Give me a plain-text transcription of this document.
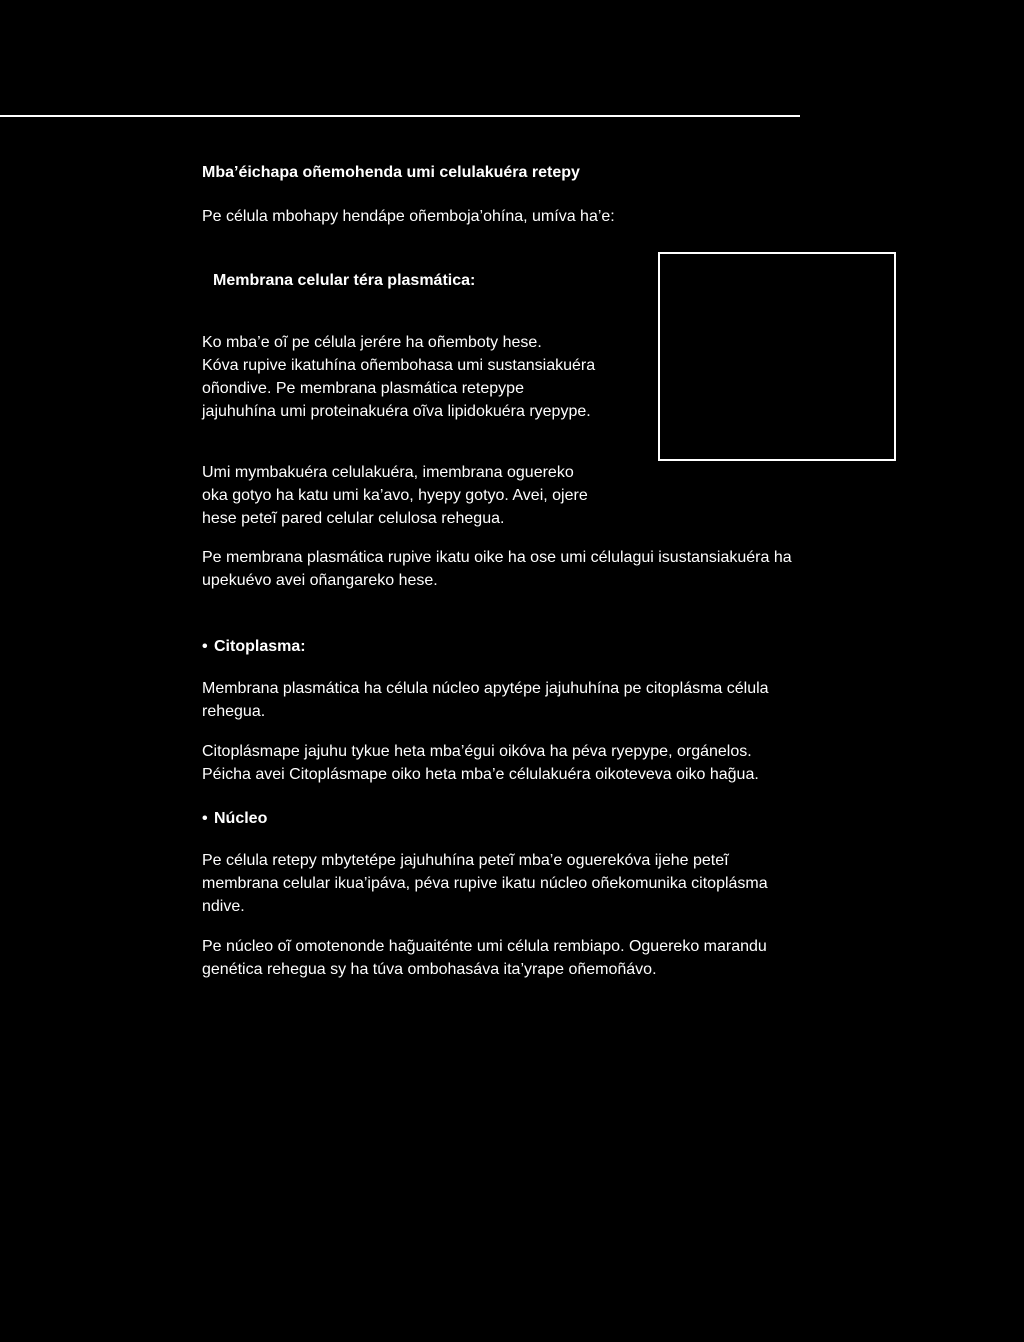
Mba’éichapa oñemohenda umi celulakuéra retepy
Pe célula mbohapy hendápe oñemboja’ohína, umíva ha’e:
Membrana celular téra plasmática:
Ko mba’e oĩ pe célula jerére ha oñemboty hese.
Kóva rupive ikatuhína oñembohasa umi sustansiakuéra
oñondive. Pe membrana plasmática retepype
jajuhuhína umi proteinakuéra oĩva lipidokuéra ryepype.
Umi mymbakuéra celulakuéra, imembrana oguereko
oka gotyo ha katu umi ka’avo, hyepy gotyo. Avei, ojere
hese peteĩ pared celular celulosa rehegua.
Pe membrana plasmática rupive ikatu oike ha ose umi célulagui isustansiakuéra ha
upekuévo avei oñangareko hese.
• Citoplasma:
Membrana plasmática ha célula núcleo apytépe jajuhuhína pe citoplásma célula
rehegua.
Citoplásmape jajuhu tykue heta mba’égui oikóva ha péva ryepype, orgánelos.
Péicha avei Citoplásmape oiko heta mba’e célulakuéra oikoteveva oiko hag̃ua.
• Núcleo
Pe célula retepy mbytetépe jajuhuhína peteĩ mba’e oguerekóva ijehe peteĩ
membrana celular ikua’ipáva, péva rupive ikatu núcleo oñekomunika citoplásma
ndive.
Pe núcleo oĩ omotenonde hag̃uaiténte umi célula rembiapo. Oguereko marandu
genética rehegua sy ha túva ombohasáva ita’yrape oñemoñávo.
